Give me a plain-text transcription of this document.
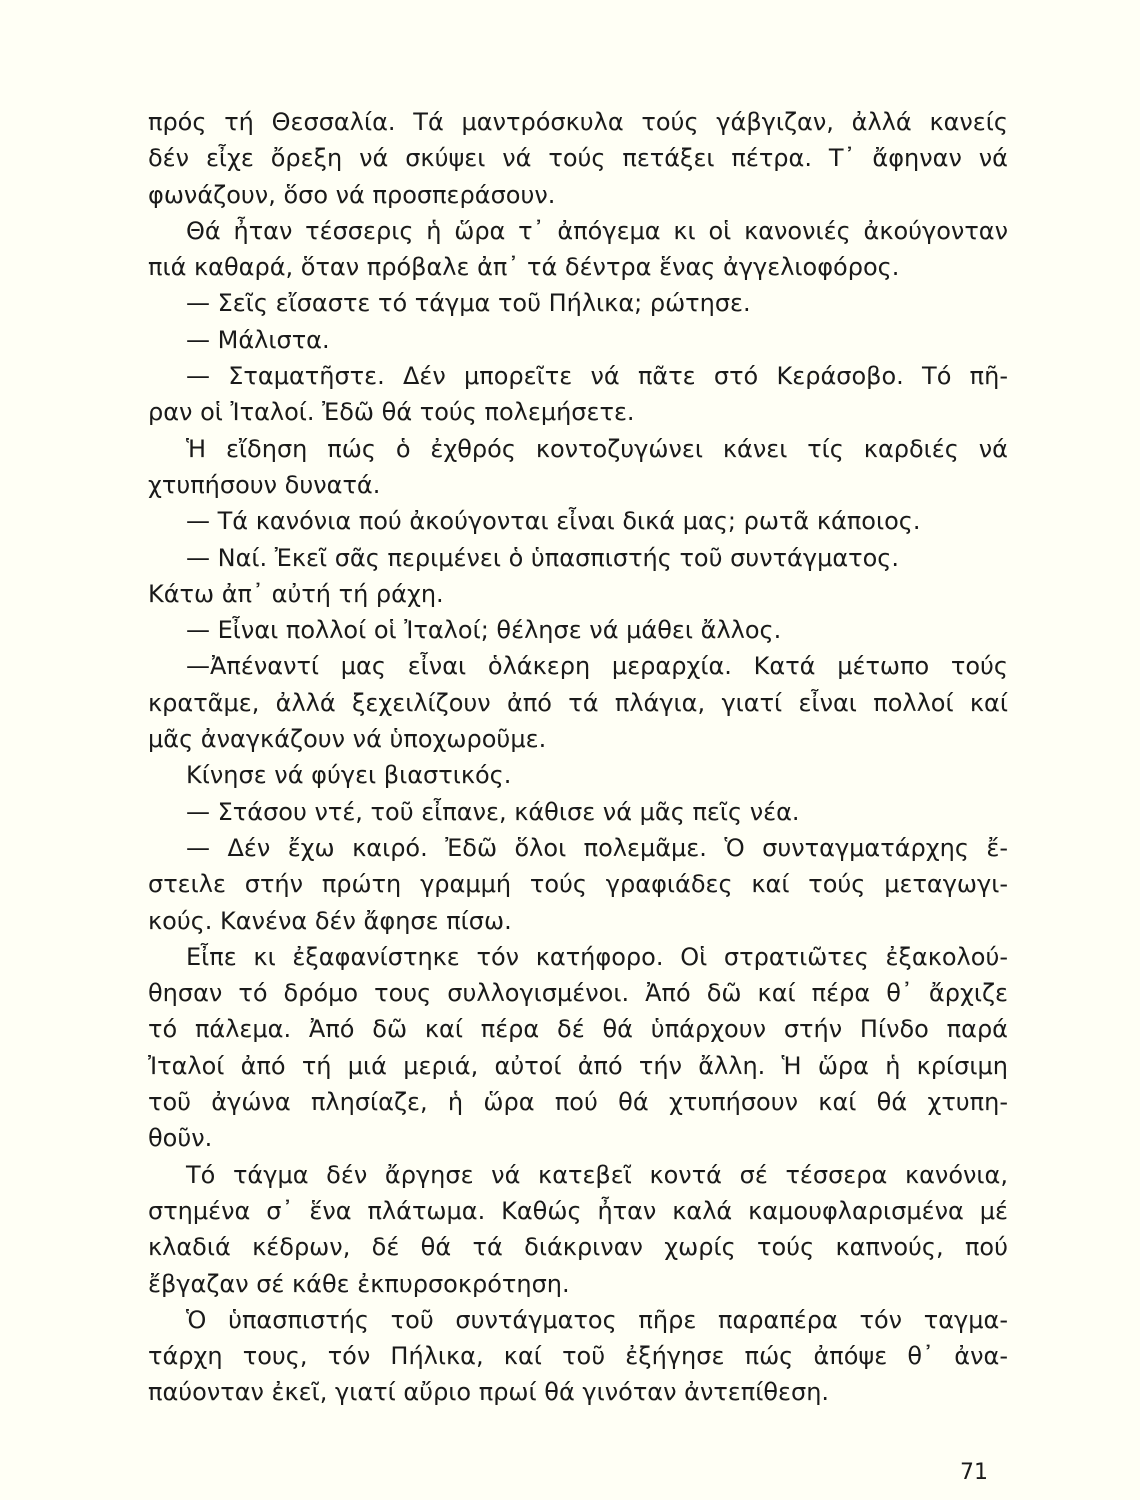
πρός τή Θεσσαλία. Τά μαντρόσκυλα τούς γάβγιζαν, ἀλλά κανείς
δέν εἶχε ὄρεξη νά σκύψει νά τούς πετάξει πέτρα. Τ᾽ ἄφηναν νά
φωνάζουν, ὅσο νά προσπεράσουν.
Θά ἦταν τέσσερις ἡ ὥρα τ᾽ ἀπόγεμα κι οἱ κανονιές ἀκούγονταν
πιά καθαρά, ὅταν πρόβαλε ἀπ᾽ τά δέντρα ἕνας ἀγγελιοφόρος.
— Σεῖς εἴσαστε τό τάγμα τοῦ Πήλικα; ρώτησε.
— Μάλιστα.
— Σταματῆστε. Δέν μπορεῖτε νά πᾶτε στό Κεράσοβο. Τό πῆ-
ραν οἱ Ἰταλοί. Ἐδῶ θά τούς πολεμήσετε.
Ἡ εἴδηση πώς ὁ ἐχθρός κοντοζυγώνει κάνει τίς καρδιές νά
χτυπήσουν δυνατά.
— Τά κανόνια πού ἀκούγονται εἶναι δικά μας; ρωτᾶ κάποιος.
— Ναί. Ἐκεῖ σᾶς περιμένει ὁ ὑπασπιστής τοῦ συντάγματος.
Κάτω ἀπ᾽ αὐτή τή ράχη.
— Εἶναι πολλοί οἱ Ἰταλοί; θέλησε νά μάθει ἄλλος.
—Ἀπέναντί μας εἶναι ὁλάκερη μεραρχία. Κατά μέτωπο τούς
κρατᾶμε, ἀλλά ξεχειλίζουν ἀπό τά πλάγια, γιατί εἶναι πολλοί καί
μᾶς ἀναγκάζουν νά ὑποχωροῦμε.
Κίνησε νά φύγει βιαστικός.
— Στάσου ντέ, τοῦ εἶπανε, κάθισε νά μᾶς πεῖς νέα.
— Δέν ἔχω καιρό. Ἐδῶ ὅλοι πολεμᾶμε. Ὁ συνταγματάρχης ἔ-
στειλε στήν πρώτη γραμμή τούς γραφιάδες καί τούς μεταγωγι-
κούς. Κανένα δέν ἄφησε πίσω.
Εἶπε κι ἐξαφανίστηκε τόν κατήφορο. Οἱ στρατιῶτες ἐξακολού-
θησαν τό δρόμο τους συλλογισμένοι. Ἀπό δῶ καί πέρα θ᾽ ἄρχιζε
τό πάλεμα. Ἀπό δῶ καί πέρα δέ θά ὑπάρχουν στήν Πίνδο παρά
Ἰταλοί ἀπό τή μιά μεριά, αὐτοί ἀπό τήν ἄλλη. Ἡ ὥρα ἡ κρίσιμη
τοῦ ἀγώνα πλησίαζε, ἡ ὥρα πού θά χτυπήσουν καί θά χτυπη-
θοῦν.
Τό τάγμα δέν ἄργησε νά κατεβεῖ κοντά σέ τέσσερα κανόνια,
στημένα σ᾽ ἕνα πλάτωμα. Καθώς ἦταν καλά καμουφλαρισμένα μέ
κλαδιά κέδρων, δέ θά τά διάκριναν χωρίς τούς καπνούς, πού
ἔβγαζαν σέ κάθε ἐκπυρσοκρότηση.
Ὁ ὑπασπιστής τοῦ συντάγματος πῆρε παραπέρα τόν ταγμα-
τάρχη τους, τόν Πήλικα, καί τοῦ ἐξήγησε πώς ἀπόψε θ᾽ ἀνα-
παύονταν ἐκεῖ, γιατί αὔριο πρωί θά γινόταν ἀντεπίθεση.
71
